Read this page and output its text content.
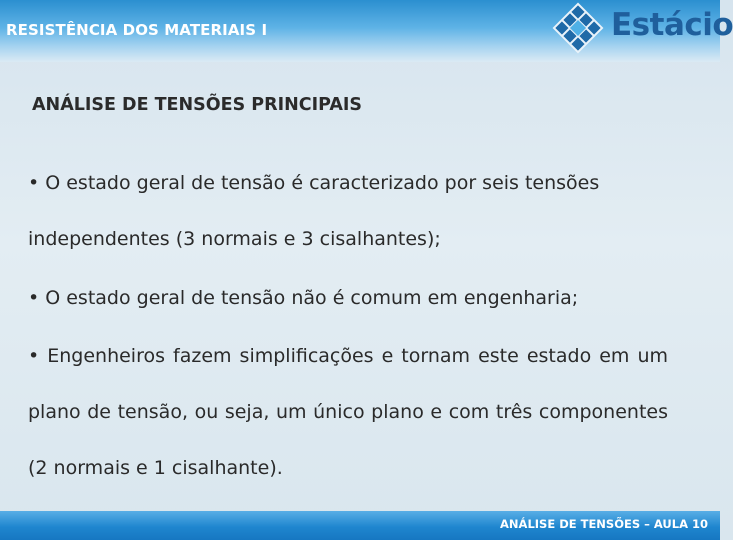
RESISTÊNCIA DOS MATERIAIS I	Estácio
ANÁLISE DE TENSÕES PRINCIPAIS
• O estado geral de tensão é caracterizado por seis tensões independentes (3 normais e 3 cisalhantes);
• O estado geral de tensão não é comum em engenharia;
• Engenheiros fazem simplificações e tornam este estado em um plano de tensão, ou seja, um único plano e com três componentes (2 normais e 1 cisalhante).
ANÁLISE DE TENSÕES – AULA 10
